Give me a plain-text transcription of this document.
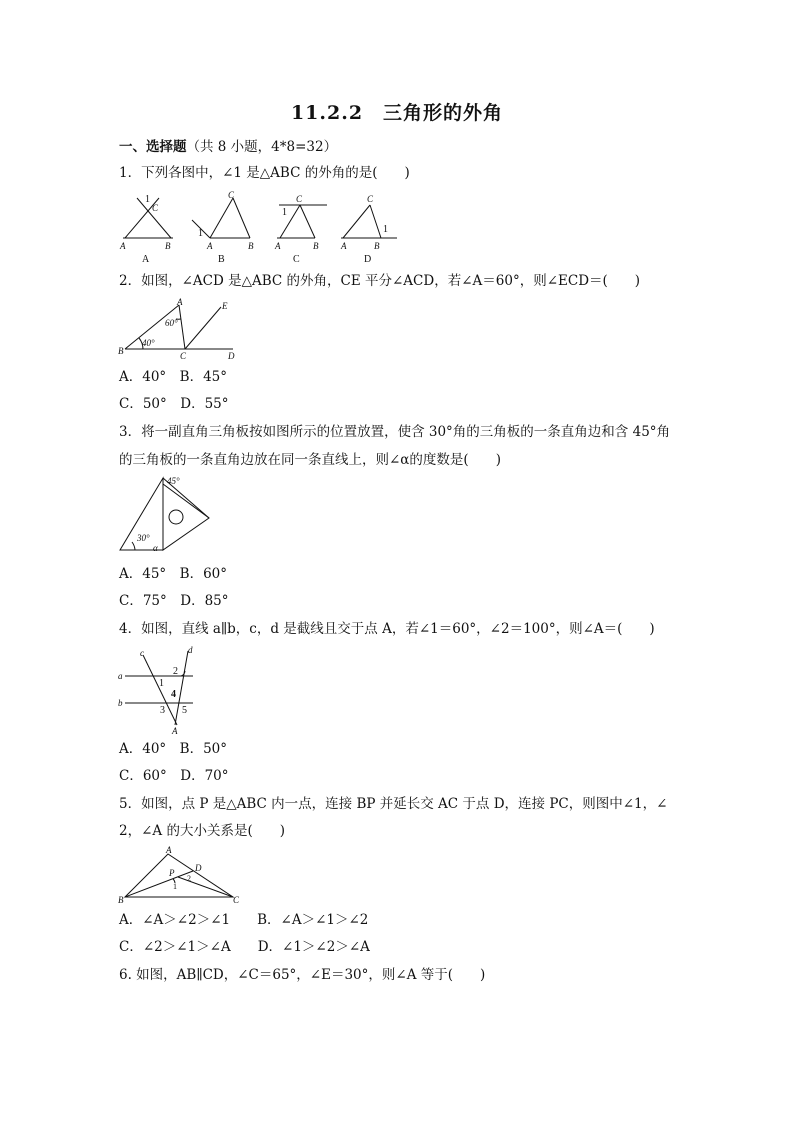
11.2.2　三角形的外角
一、选择题（共 8 小题，4*8=32）
1．下列各图中，∠1 是△ABC 的外角的是(　　)
1
C
A	B
A
1
C
A	B
B
1
C
A	B
C
C
1
A	B
D
2．如图，∠ACD 是△ABC 的外角，CE 平分∠ACD，若∠A＝60°，则∠ECD＝(　　)
A	E
B	C	D
60°
40°
A．40°　B．45°
C．50°　D．55°
3．将一副直角三角板按如图所示的位置放置，使含 30°角的三角板的一条直角边和含 45°角
的三角板的一条直角边放在同一条直线上，则∠α的度数是(　　)
45°
30°
α
A．45°　B．60°
C．75°　D．85°
4．如图，直线 a∥b，c，d 是截线且交于点 A，若∠1＝60°，∠2＝100°，则∠A＝(　　)
c	d
a
b
1
2
3
4
5
A
A．40°　B．50°
C．60°　D．70°
5．如图，点 P 是△ABC 内一点，连接 BP 并延长交 AC 于点 D，连接 PC，则图中∠1，∠
2，∠A 的大小关系是(　　)
A
D
P
2
1
B	C
A．∠A＞∠2＞∠1　　B．∠A＞∠1＞∠2
C．∠2＞∠1＞∠A　　D．∠1＞∠2＞∠A
6. 如图，AB∥CD，∠C＝65°，∠E＝30°，则∠A 等于(　　)
